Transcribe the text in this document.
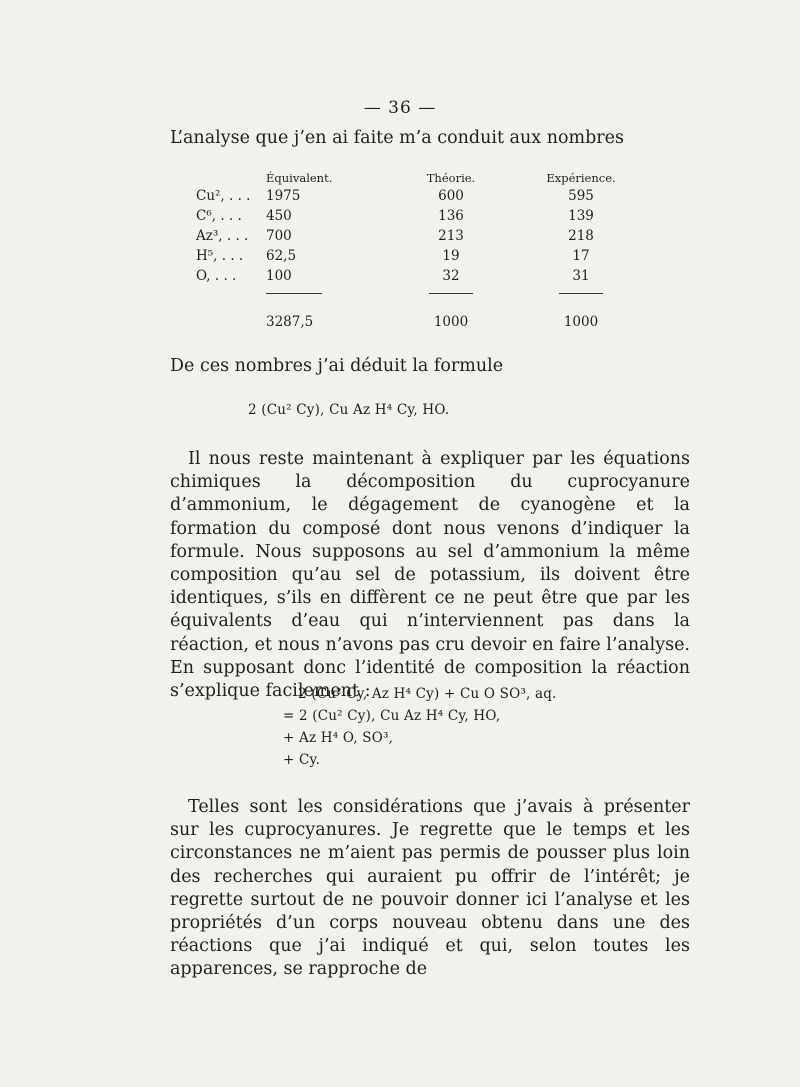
— 36 —
L’analyse que j’en ai faite m’a conduit aux nombres
	Équivalent.	Théorie.	Expérience.
Cu², . . .	1975	600	595
C⁶, . . .	450	136	139
Az³, . . .	700	213	218
H⁵, . . .	62,5	19	17
O, . . .	100	32	31

	3287,5	1000	1000
De ces nombres j’ai déduit la formule
2 (Cu² Cy), Cu Az H⁴ Cy, HO.
Il nous reste maintenant à expliquer par les équations chimiques la décomposition du cuprocyanure d’ammonium, le dégagement de cyanogène et la formation du composé dont nous venons d’indiquer la formule. Nous supposons au sel d’ammonium la même composition qu’au sel de potassium, ils doivent être identiques, s’ils en diffèrent ce ne peut être que par les équivalents d’eau qui n’interviennent pas dans la réaction, et nous n’avons pas cru devoir en faire l’analyse. En supposant donc l’identité de composition la réaction s’explique facilement :
2 (Cu² Cy, Az H⁴ Cy) + Cu O SO³, aq.
= 2 (Cu² Cy), Cu Az H⁴ Cy, HO,
+ Az H⁴ O, SO³,
+ Cy.
Telles sont les considérations que j’avais à présenter sur les cuprocyanures. Je regrette que le temps et les circonstances ne m’aient pas permis de pousser plus loin des recherches qui auraient pu offrir de l’intérêt; je regrette surtout de ne pouvoir donner ici l’analyse et les propriétés d’un corps nouveau obtenu dans une des réactions que j’ai indiqué et qui, selon toutes les apparences, se rapproche de
